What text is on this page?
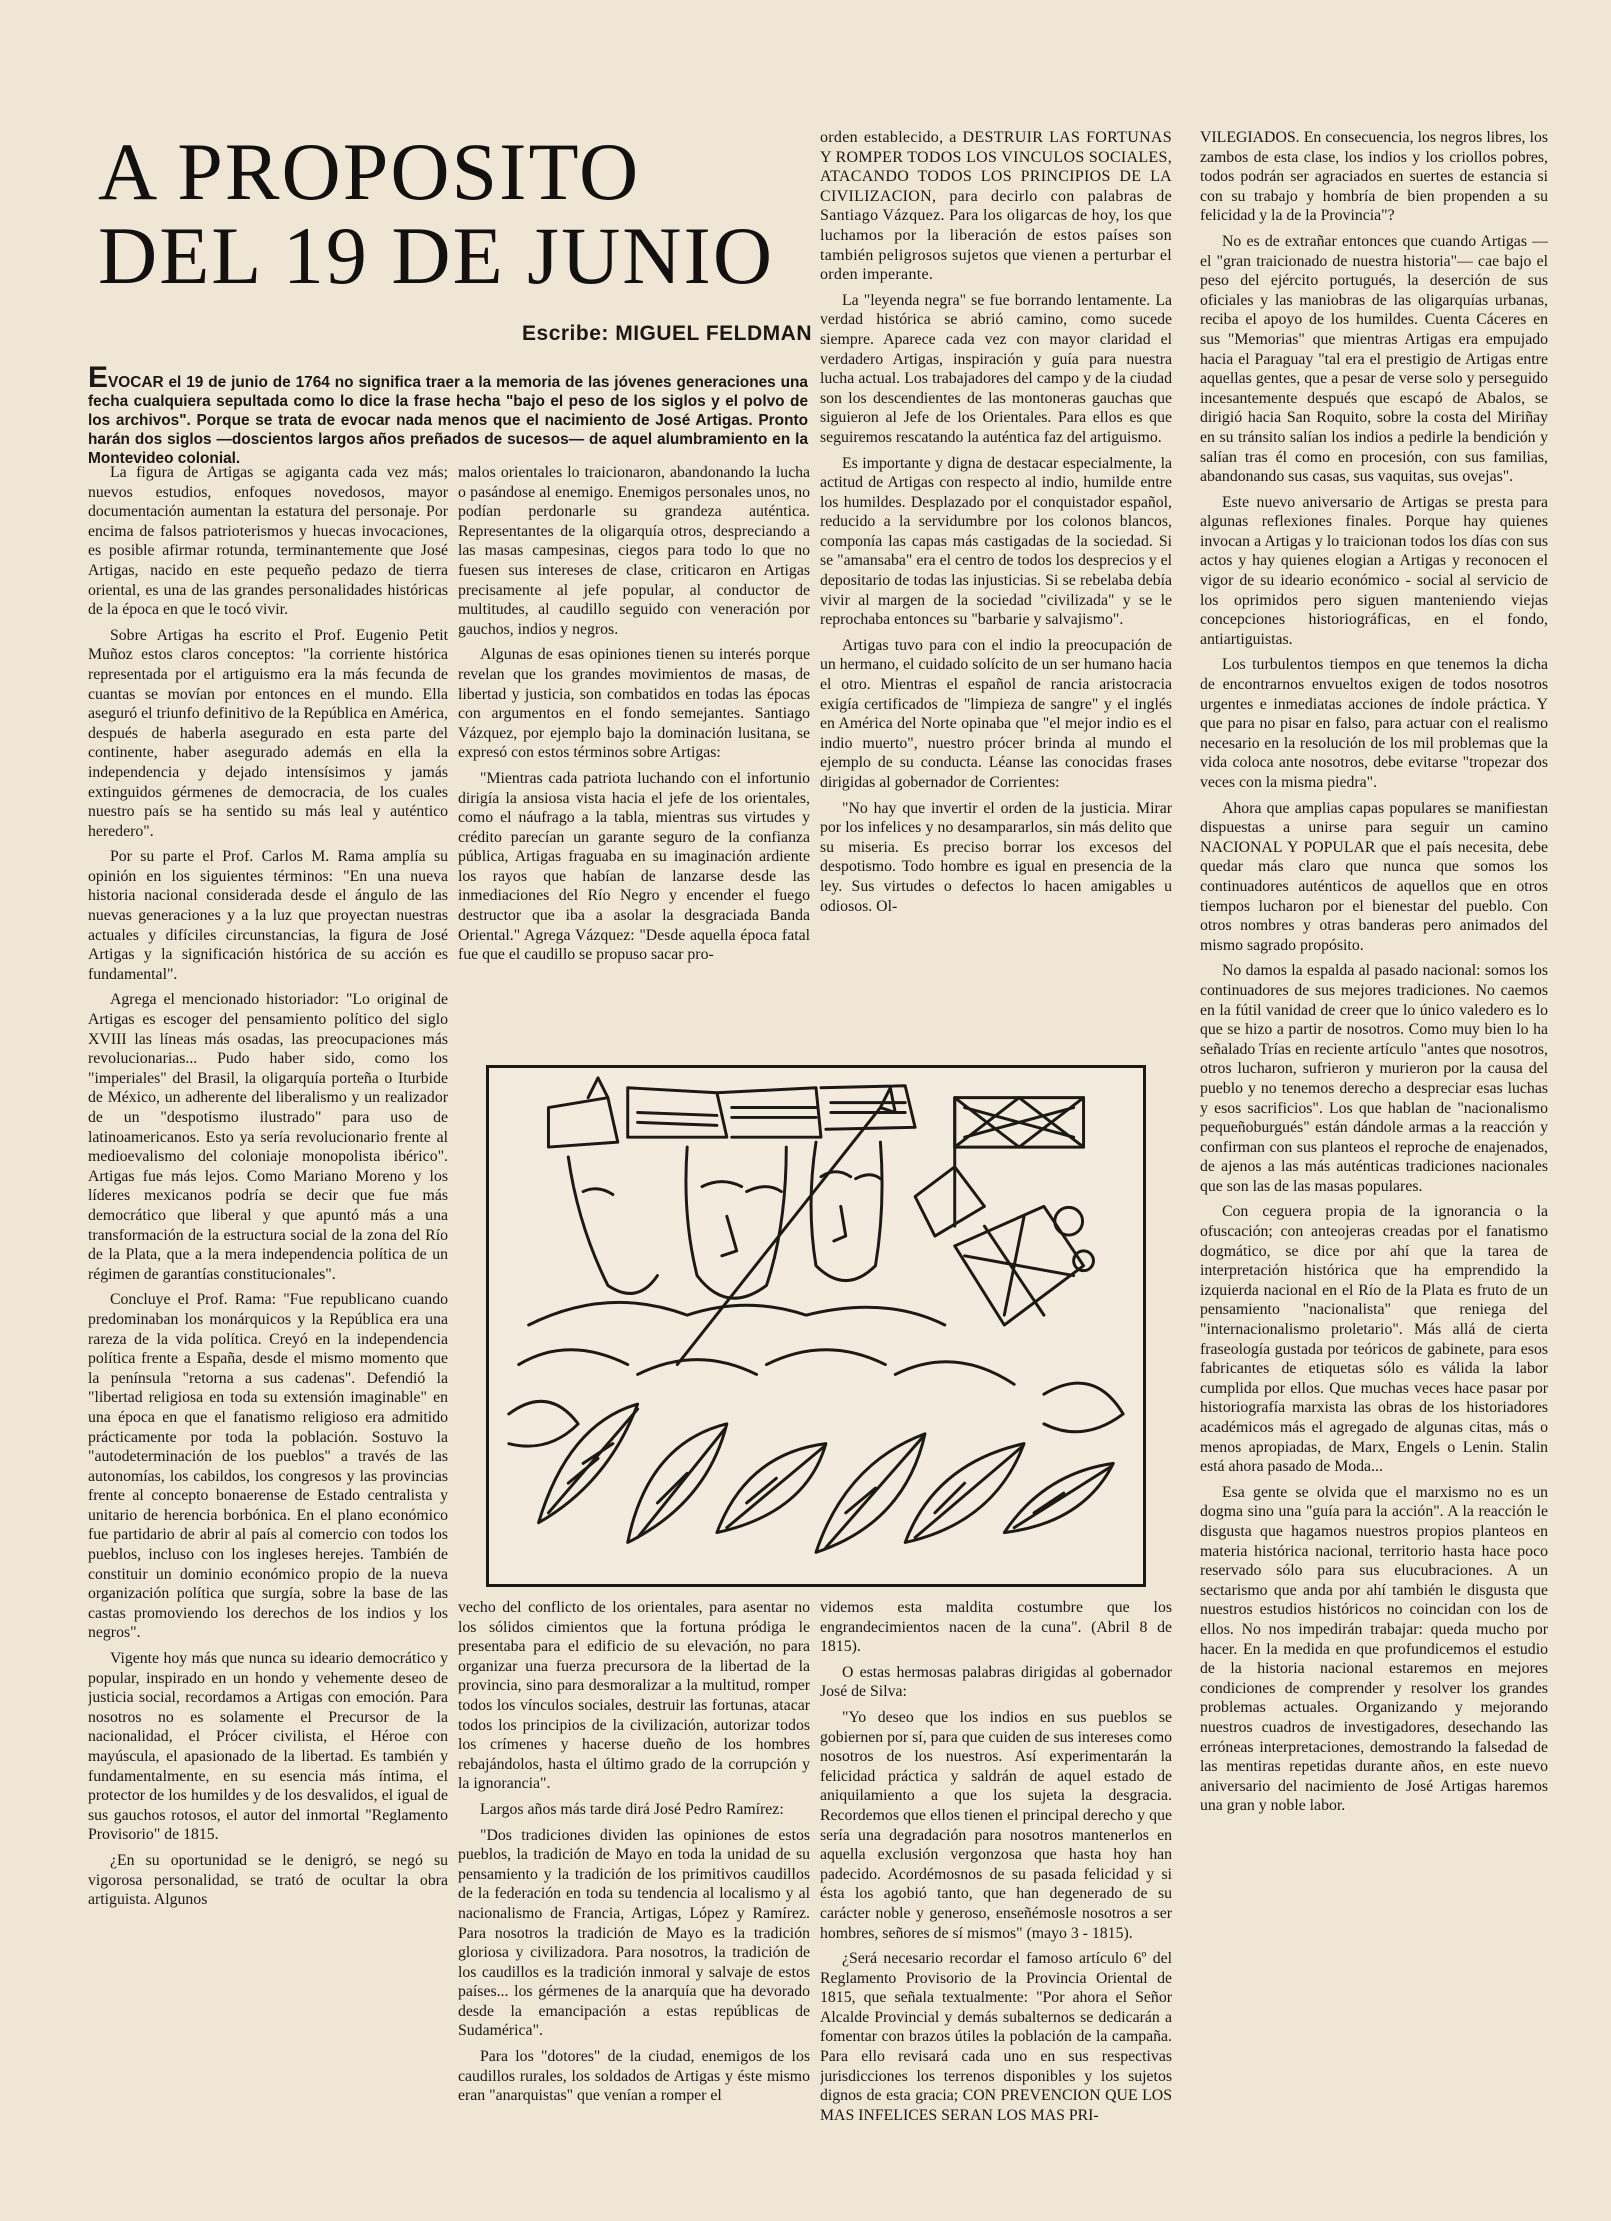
A PROPOSITO DEL 19 DE JUNIO
Escribe: MIGUEL FELDMAN
EVOCAR el 19 de junio de 1764 no significa traer a la memoria de las jóvenes generaciones una fecha cualquiera sepultada como lo dice la frase hecha "bajo el peso de los siglos y el polvo de los archivos". Porque se trata de evocar nada menos que el nacimiento de José Artigas. Pronto harán dos siglos —doscientos largos años preñados de sucesos— de aquel alumbramiento en la Montevideo colonial.

La figura de Artigas se agiganta cada vez más; nuevos estudios, enfoques novedosos, mayor documentación aumentan la estatura del personaje. Por encima de falsos patrioterismos y huecas invocaciones, es posible afirmar rotunda, terminantemente que José Artigas, nacido en este pequeño pedazo de tierra oriental, es una de las grandes personalidades históricas de la época en que le tocó vivir.

Sobre Artigas ha escrito el Prof. Eugenio Petit Muñoz estos claros conceptos: "la corriente histórica representada por el artiguismo era la más fecunda de cuantas se movían por entonces en el mundo. Ella aseguró el triunfo definitivo de la República en América, después de haberla asegurado en esta parte del continente, haber asegurado además en ella la independencia y dejado intensísimos y jamás extinguidos gérmenes de democracia, de los cuales nuestro país se ha sentido su más leal y auténtico heredero".

Por su parte el Prof. Carlos M. Rama amplía su opinión en los siguientes términos: "En una nueva historia nacional considerada desde el ángulo de las nuevas generaciones y a la luz que proyectan nuestras actuales y difíciles circunstancias, la figura de José Artigas y la significación histórica de su acción es fundamental".

Agrega el mencionado historiador: "Lo original de Artigas es escoger del pensamiento político del siglo XVIII las líneas más osadas, las preocupaciones más revolucionarias... Pudo haber sido, como los "imperiales" del Brasil, la oligarquía porteña o Iturbide de México, un adherente del liberalismo y un realizador de un "despotismo ilustrado" para uso de latinoamericanos. Esto ya sería revolucionario frente al medioevalismo del coloniaje monopolista ibérico". Artigas fue más lejos. Como Mariano Moreno y los líderes mexicanos podría se decir que fue más democrático que liberal y que apuntó más a una transformación de la estructura social de la zona del Río de la Plata, que a la mera independencia política de un régimen de garantías constitucionales".

Concluye el Prof. Rama: "Fue republicano cuando predominaban los monárquicos y la República era una rareza de la vida política. Creyó en la independencia política frente a España, desde el mismo momento que la península "retorna a sus cadenas". Defendió la "libertad religiosa en toda su extensión imaginable" en una época en que el fanatismo religioso era admitido prácticamente por toda la población. Sostuvo la "autodeterminación de los pueblos" a través de las autonomías, los cabildos, los congresos y las provincias frente al concepto bonaerense de Estado centralista y unitario de herencia borbónica. En el plano económico fue partidario de abrir al país al comercio con todos los pueblos, incluso con los ingleses herejes. También de constituir un dominio económico propio de la nueva organización política que surgía, sobre la base de las castas promoviendo los derechos de los indios y los negros".

Vigente hoy más que nunca su ideario democrático y popular, inspirado en un hondo y vehemente deseo de justicia social, recordamos a Artigas con emoción. Para nosotros no es solamente el Precursor de la nacionalidad, el Prócer civilista, el Héroe con mayúscula, el apasionado de la libertad. Es también y fundamentalmente, en su esencia más íntima, el protector de los humildes y de los desvalidos, el igual de sus gauchos rotosos, el autor del inmortal "Reglamento Provisorio" de 1815.

¿En su oportunidad se le denigró, se negó su vigorosa personalidad, se trató de ocultar la obra artiguista. Algunos

malos orientales lo traicionaron, abandonando la lucha o pasándose al enemigo. Enemigos personales unos, no podían perdonarle su grandeza auténtica. Representantes de la oligarquía otros, despreciando a las masas campesinas, ciegos para todo lo que no fuesen sus intereses de clase, criticaron en Artigas precisamente al jefe popular, al conductor de multitudes, al caudillo seguido con veneración por gauchos, indios y negros.

Algunas de esas opiniones tienen su interés porque revelan que los grandes movimientos de masas, de libertad y justicia, son combatidos en todas las épocas con argumentos en el fondo semejantes. Santiago Vázquez, por ejemplo bajo la dominación lusitana, se expresó con estos términos sobre Artigas:

"Mientras cada patriota luchando con el infortunio dirigía la ansiosa vista hacia el jefe de los orientales, como el náufrago a la tabla, mientras sus virtudes y crédito parecían un garante seguro de la confianza pública, Artigas fraguaba en su imaginación ardiente los rayos que habían de lanzarse desde las inmediaciones del Río Negro y encender el fuego destructor que iba a asolar la desgraciada Banda Oriental." Agrega Vázquez: "Desde aquella época fatal fue que el caudillo se propuso sacar pro-

orden establecido, a DESTRUIR LAS FORTUNAS Y ROMPER TODOS LOS VINCULOS SOCIALES, ATACANDO TODOS LOS PRINCIPIOS DE LA CIVILIZACION, para decirlo con palabras de Santiago Vázquez. Para los oligarcas de hoy, los que luchamos por la liberación de estos países son también peligrosos sujetos que vienen a perturbar el orden imperante.

La "leyenda negra" se fue borrando lentamente. La verdad histórica se abrió camino, como sucede siempre. Aparece cada vez con mayor claridad el verdadero Artigas, inspiración y guía para nuestra lucha actual. Los trabajadores del campo y de la ciudad son los descendientes de las montoneras gauchas que siguieron al Jefe de los Orientales. Para ellos es que seguiremos rescatando la auténtica faz del artiguismo.

Es importante y digna de destacar especialmente, la actitud de Artigas con respecto al indio, humilde entre los humildes. Desplazado por el conquistador español, reducido a la servidumbre por los colonos blancos, componía las capas más castigadas de la sociedad. Si se "amansaba" era el centro de todos los desprecios y el depositario de todas las injusticias. Si se rebelaba debía vivir al margen de la sociedad "civilizada" y se le reprochaba entonces su "barbarie y salvajismo".

Artigas tuvo para con el indio la preocupación de un hermano, el cuidado solícito de un ser humano hacia el otro. Mientras el español de rancia aristocracia exigía certificados de "limpieza de sangre" y el inglés en América del Norte opinaba que "el mejor indio es el indio muerto", nuestro prócer brinda al mundo el ejemplo de su conducta. Léanse las conocidas frases dirigidas al gobernador de Corrientes:

"No hay que invertir el orden de la justicia. Mirar por los infelices y no desampararlos, sin más delito que su miseria. Es preciso borrar los excesos del despotismo. Todo hombre es igual en presencia de la ley. Sus virtudes o defectos lo hacen amigables u odiosos. Ol-

VILEGIADOS. En consecuencia, los negros libres, los zambos de esta clase, los indios y los criollos pobres, todos podrán ser agraciados en suertes de estancia si con su trabajo y hombría de bien propenden a su felicidad y la de la Provincia"?

No es de extrañar entonces que cuando Artigas —el "gran traicionado de nuestra historia"— cae bajo el peso del ejército portugués, la deserción de sus oficiales y las maniobras de las oligarquías urbanas, reciba el apoyo de los humildes. Cuenta Cáceres en sus "Memorias" que mientras Artigas era empujado hacia el Paraguay "tal era el prestigio de Artigas entre aquellas gentes, que a pesar de verse solo y perseguido incesantemente después que escapó de Abalos, se dirigió hacia San Roquito, sobre la costa del Miriñay en su tránsito salían los indios a pedirle la bendición y salían tras él como en procesión, con sus familias, abandonando sus casas, sus vaquitas, sus ovejas".

Este nuevo aniversario de Artigas se presta para algunas reflexiones finales. Porque hay quienes invocan a Artigas y lo traicionan todos los días con sus actos y hay quienes elogian a Artigas y reconocen el vigor de su ideario económico - social al servicio de los oprimidos pero siguen manteniendo viejas concepciones historiográficas, en el fondo, antiartiguistas.

Los turbulentos tiempos en que tenemos la dicha de encontrarnos envueltos exigen de todos nosotros urgentes e inmediatas acciones de índole práctica. Y que para no pisar en falso, para actuar con el realismo necesario en la resolución de los mil problemas que la vida coloca ante nosotros, debe evitarse "tropezar dos veces con la misma piedra".

Ahora que amplias capas populares se manifiestan dispuestas a unirse para seguir un camino NACIONAL Y POPULAR que el país necesita, debe quedar más claro que nunca que somos los continuadores auténticos de aquellos que en otros tiempos lucharon por el bienestar del pueblo. Con otros nombres y otras banderas pero animados del mismo sagrado propósito.

No damos la espalda al pasado nacional: somos los continuadores de sus mejores tradiciones. No caemos en la fútil vanidad de creer que lo único valedero es lo que se hizo a partir de nosotros. Como muy bien lo ha señalado Trías en reciente artículo "antes que nosotros, otros lucharon, sufrieron y murieron por la causa del pueblo y no tenemos derecho a despreciar esas luchas y esos sacrificios". Los que hablan de "nacionalismo pequeñoburgués" están dándole armas a la reacción y confirman con sus planteos el reproche de enajenados, de ajenos a las más auténticas tradiciones nacionales que son las de las masas populares.

Con ceguera propia de la ignorancia o la ofuscación; con anteojeras creadas por el fanatismo dogmático, se dice por ahí que la tarea de interpretación histórica que ha emprendido la izquierda nacional en el Río de la Plata es fruto de un pensamiento "nacionalista" que reniega del "internacionalismo proletario". Más allá de cierta fraseología gustada por teóricos de gabinete, para esos fabricantes de etiquetas sólo es válida la labor cumplida por ellos. Que muchas veces hace pasar por historiografía marxista las obras de los historiadores académicos más el agregado de algunas citas, más o menos apropiadas, de Marx, Engels o Lenin. Stalin está ahora pasado de Moda...

Esa gente se olvida que el marxismo no es un dogma sino una "guía para la acción". A la reacción le disgusta que hagamos nuestros propios planteos en materia histórica nacional, territorio hasta hace poco reservado sólo para sus elucubraciones. A un sectarismo que anda por ahí también le disgusta que nuestros estudios históricos no coincidan con los de ellos. No nos impedirán trabajar: queda mucho por hacer. En la medida en que profundicemos el estudio de la historia nacional estaremos en mejores condiciones de comprender y resolver los grandes problemas actuales. Organizando y mejorando nuestros cuadros de investigadores, desechando las erróneas interpretaciones, demostrando la falsedad de las mentiras repetidas durante años, en este nuevo aniversario del nacimiento de José Artigas haremos una gran y noble labor.

vecho del conflicto de los orientales, para asentar no los sólidos cimientos que la fortuna pródiga le presentaba para el edificio de su elevación, no para organizar una fuerza precursora de la libertad de la provincia, sino para desmoralizar a la multitud, romper todos los vínculos sociales, destruir las fortunas, atacar todos los principios de la civilización, autorizar todos los crímenes y hacerse dueño de los hombres rebajándolos, hasta el último grado de la corrupción y la ignorancia".

Largos años más tarde dirá José Pedro Ramírez:

"Dos tradiciones dividen las opiniones de estos pueblos, la tradición de Mayo en toda la unidad de su pensamiento y la tradición de los primitivos caudillos de la federación en toda su tendencia al localismo y al nacionalismo de Francia, Artigas, López y Ramírez. Para nosotros la tradición de Mayo es la tradición gloriosa y civilizadora. Para nosotros, la tradición de los caudillos es la tradición inmoral y salvaje de estos países... los gérmenes de la anarquía que ha devorado desde la emancipación a estas repúblicas de Sudamérica".

Para los "dotores" de la ciudad, enemigos de los caudillos rurales, los soldados de Artigas y éste mismo eran "anarquistas" que venían a romper el

videmos esta maldita costumbre que los engrandecimientos nacen de la cuna". (Abril 8 de 1815).

O estas hermosas palabras dirigidas al gobernador José de Silva:

"Yo deseo que los indios en sus pueblos se gobiernen por sí, para que cuiden de sus intereses como nosotros de los nuestros. Así experimentarán la felicidad práctica y saldrán de aquel estado de aniquilamiento a que los sujeta la desgracia. Recordemos que ellos tienen el principal derecho y que sería una degradación para nosotros mantenerlos en aquella exclusión vergonzosa que hasta hoy han padecido. Acordémosnos de su pasada felicidad y si ésta los agobió tanto, que han degenerado de su carácter noble y generoso, enseñémosle nosotros a ser hombres, señores de sí mismos" (mayo 3 - 1815).

¿Será necesario recordar el famoso artículo 6º del Reglamento Provisorio de la Provincia Oriental de 1815, que señala textualmente: "Por ahora el Señor Alcalde Provincial y demás subalternos se dedicarán a fomentar con brazos útiles la población de la campaña. Para ello revisará cada uno en sus respectivas jurisdicciones los terrenos disponibles y los sujetos dignos de esta gracia; CON PREVENCION QUE LOS MAS INFELICES SERAN LOS MAS PRI-
